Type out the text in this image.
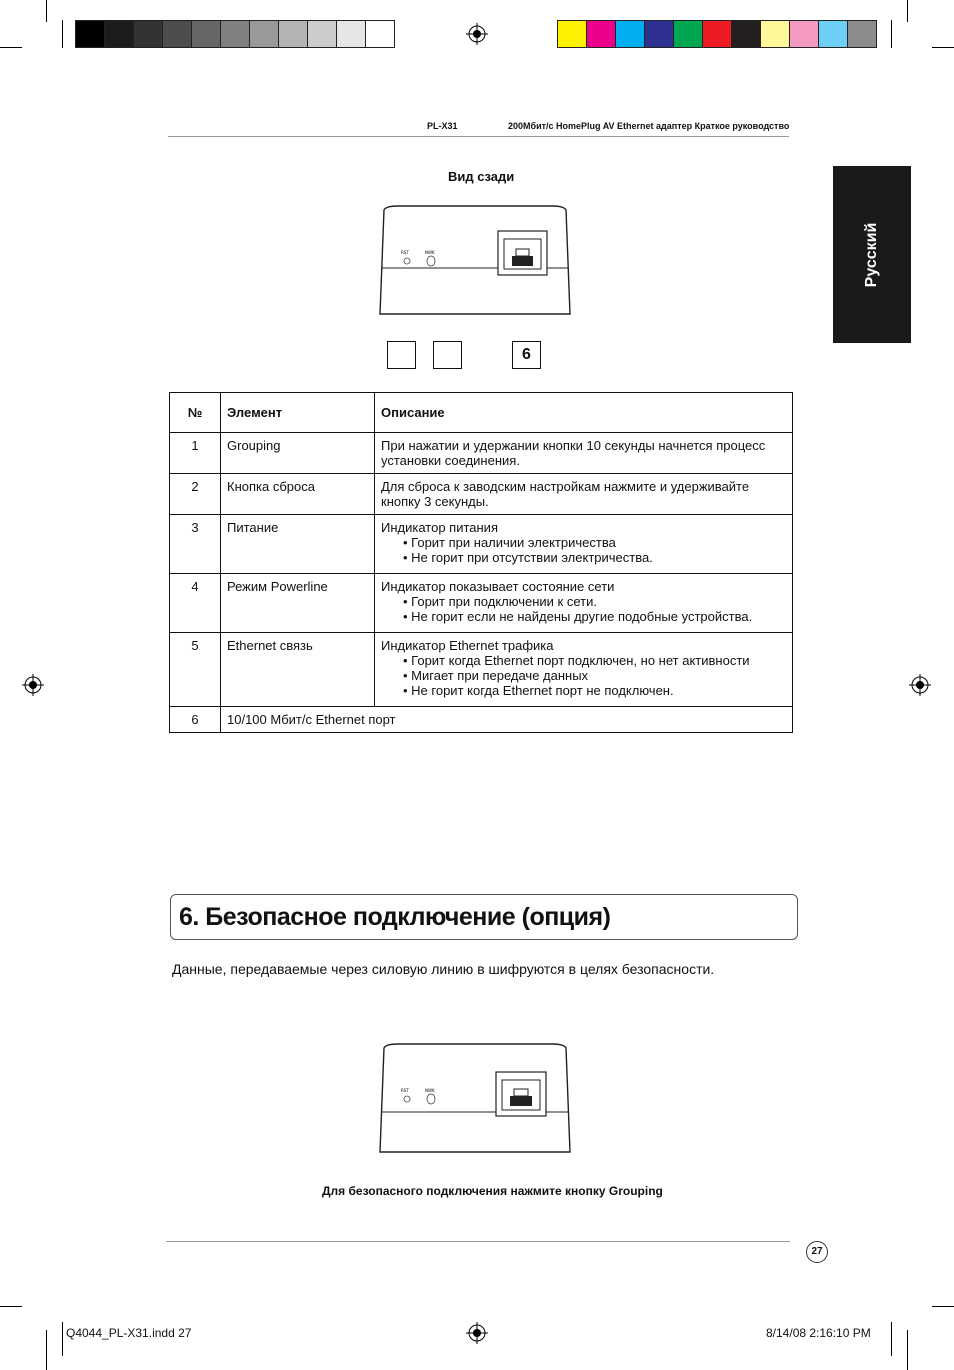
PL-X31	200Мбит/с HomePlug AV Ethernet адаптер Краткое руководство
Русский
Вид сзади
RST	NWK
6
№	Элемент	Описание
1	Grouping	При нажатии и удержании кнопки 10 секунды начнется процесс установки соединения.

2	Кнопка сброса	Для сброса к заводским настройкам нажмите и удерживайте кнопку 3 секунды.

3	Питание	Индикатор питания
• Горит при наличии электричества
• Не горит при отсутствии электричества.

4	Режим Powerline	Индикатор показывает состояние сети
• Горит при подключении к сети.
• Не горит если не найдены другие подобные устройства.

5	Ethernet связь	Индикатор Ethernet трафика
• Горит когда Ethernet порт подключен, но нет активности
• Мигает при передаче данных
• Не горит когда Ethernet порт не подключен.

6	10/100 Мбит/с Ethernet порт	
6. Безопасное подключение (опция)
Данные, передаваемые через силовую линию в шифруются в целях безопасности.
RST	NWK
Для безопасного подключения нажмите кнопку Grouping
27
Q4044_PL-X31.indd 27	8/14/08 2:16:10 PM
